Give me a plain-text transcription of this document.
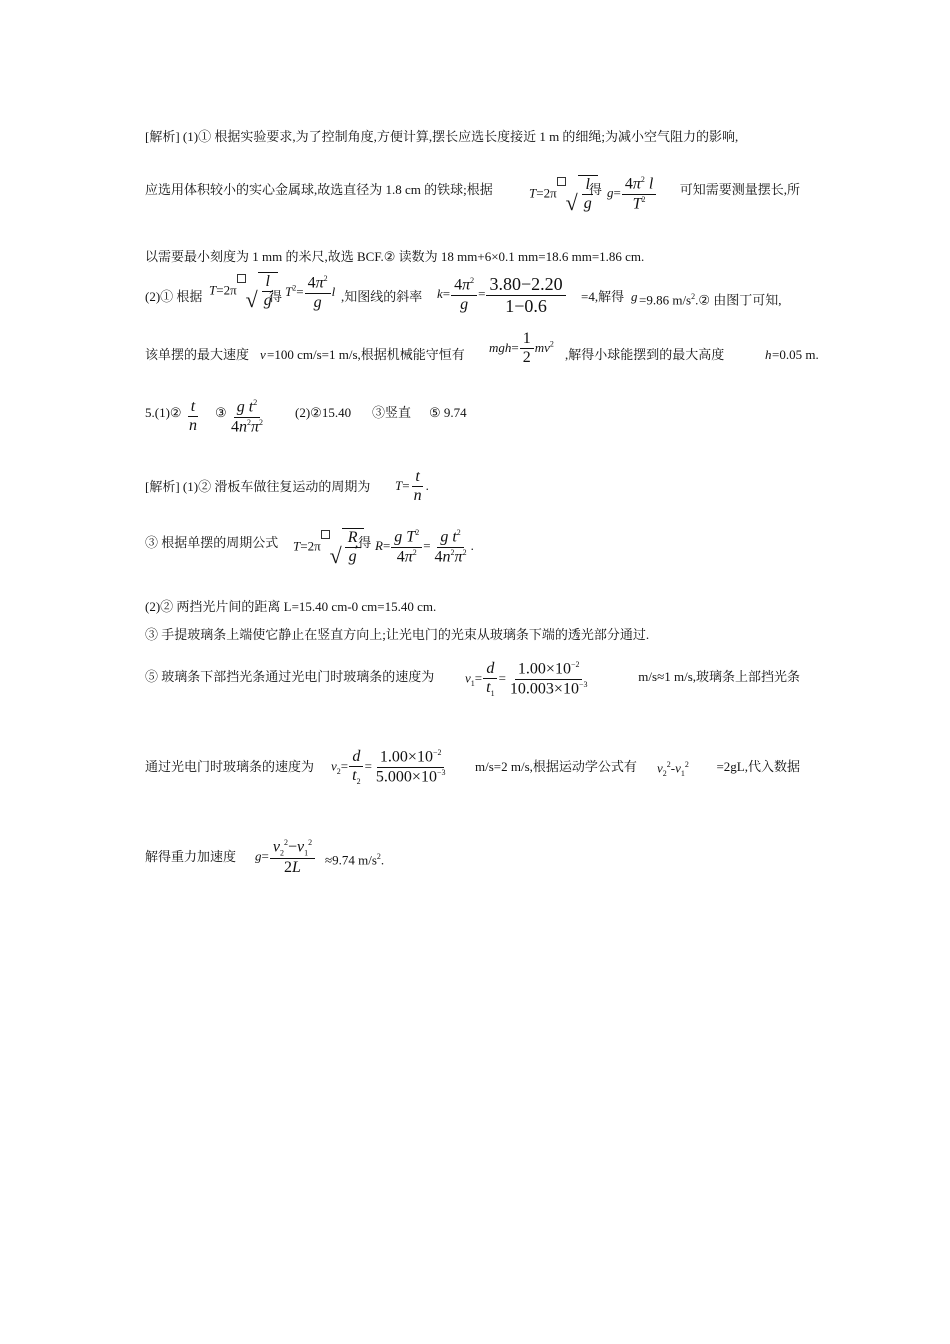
[解析] (1)① 根据实验要求,为了控制角度,方便计算,摆长应选长度接近 1 m 的细绳;为减小空气阻力的影响,
应选用体积较小的实心金属球,故选直径为 1.8 cm 的铁球;根据	T=2π √ $\frac{l}{g}$
得 $g= \frac{4\pi^2 l}{T^2}$	可知需要测量摆长,所
以需要最小刻度为 1 mm 的米尺,故选 BCF.② 读数为 18 mm+6×0.1 mm=18.6 mm=1.86 cm.
(2)① 根据 T=2π √ $\frac{l}{g}$
得 $T^2= \frac{4\pi^2}{g}$ l ,知图线的斜率 $k= \frac{4\pi^2}{g} = \frac{3.80-2.20}{1-0.6} =4$,解得 g =9.86 $m/s^2.②$ 由图丁可知,
该单摆的最大速度 v =100 cm/s=1 m/s,根据机械能守恒有 $mgh= \frac{1}{2} mv^2$
,解得小球能摆到的最大高度	h =0.05 m.
5.(1)② $\frac{t}{n}$ ③ $\frac{g t^2}{4n^2\pi^2}$ (2)②15.40 ③竖直 ⑤ 9.74
[解析] (1)② 滑板车做往复运动的周期为 $T= \frac{t}{n}$ .
③ 根据单摆的周期公式 T=2π √ $\frac{R}{g}$
,得 $R= \frac{g T^2}{4\pi^2} = \frac{g t^2}{4n^2\pi^2}$ .
(2)② 两挡光片间的距离 L=15.40 cm-0 cm=15.40 cm.
③ 手提玻璃条上端使它静止在竖直方向上;让光电门的光束从玻璃条下端的透光部分通过.
⑤ 玻璃条下部挡光条通过光电门时玻璃条的速度为 $v_1= \frac{d}{t_1} = \frac{1.00\times 10^{-2}}{10.003\times 10^{-3}}$	m/s≈1 m/s,玻璃条上部挡光条
通过光电门时玻璃条的速度为 $v_2= \frac{d}{t_2} = \frac{1.00\times 10^{-2}}{5.000\times 10^{-3}} m/s=2$ m/s,根据运动学公式有 $v_2^2-v_1^2$	=2gL,代入数据
解得重力加速度 $g= \frac{v_2^2-v_1^2}{2L} \approx 9.74$ $m/s^2$.
